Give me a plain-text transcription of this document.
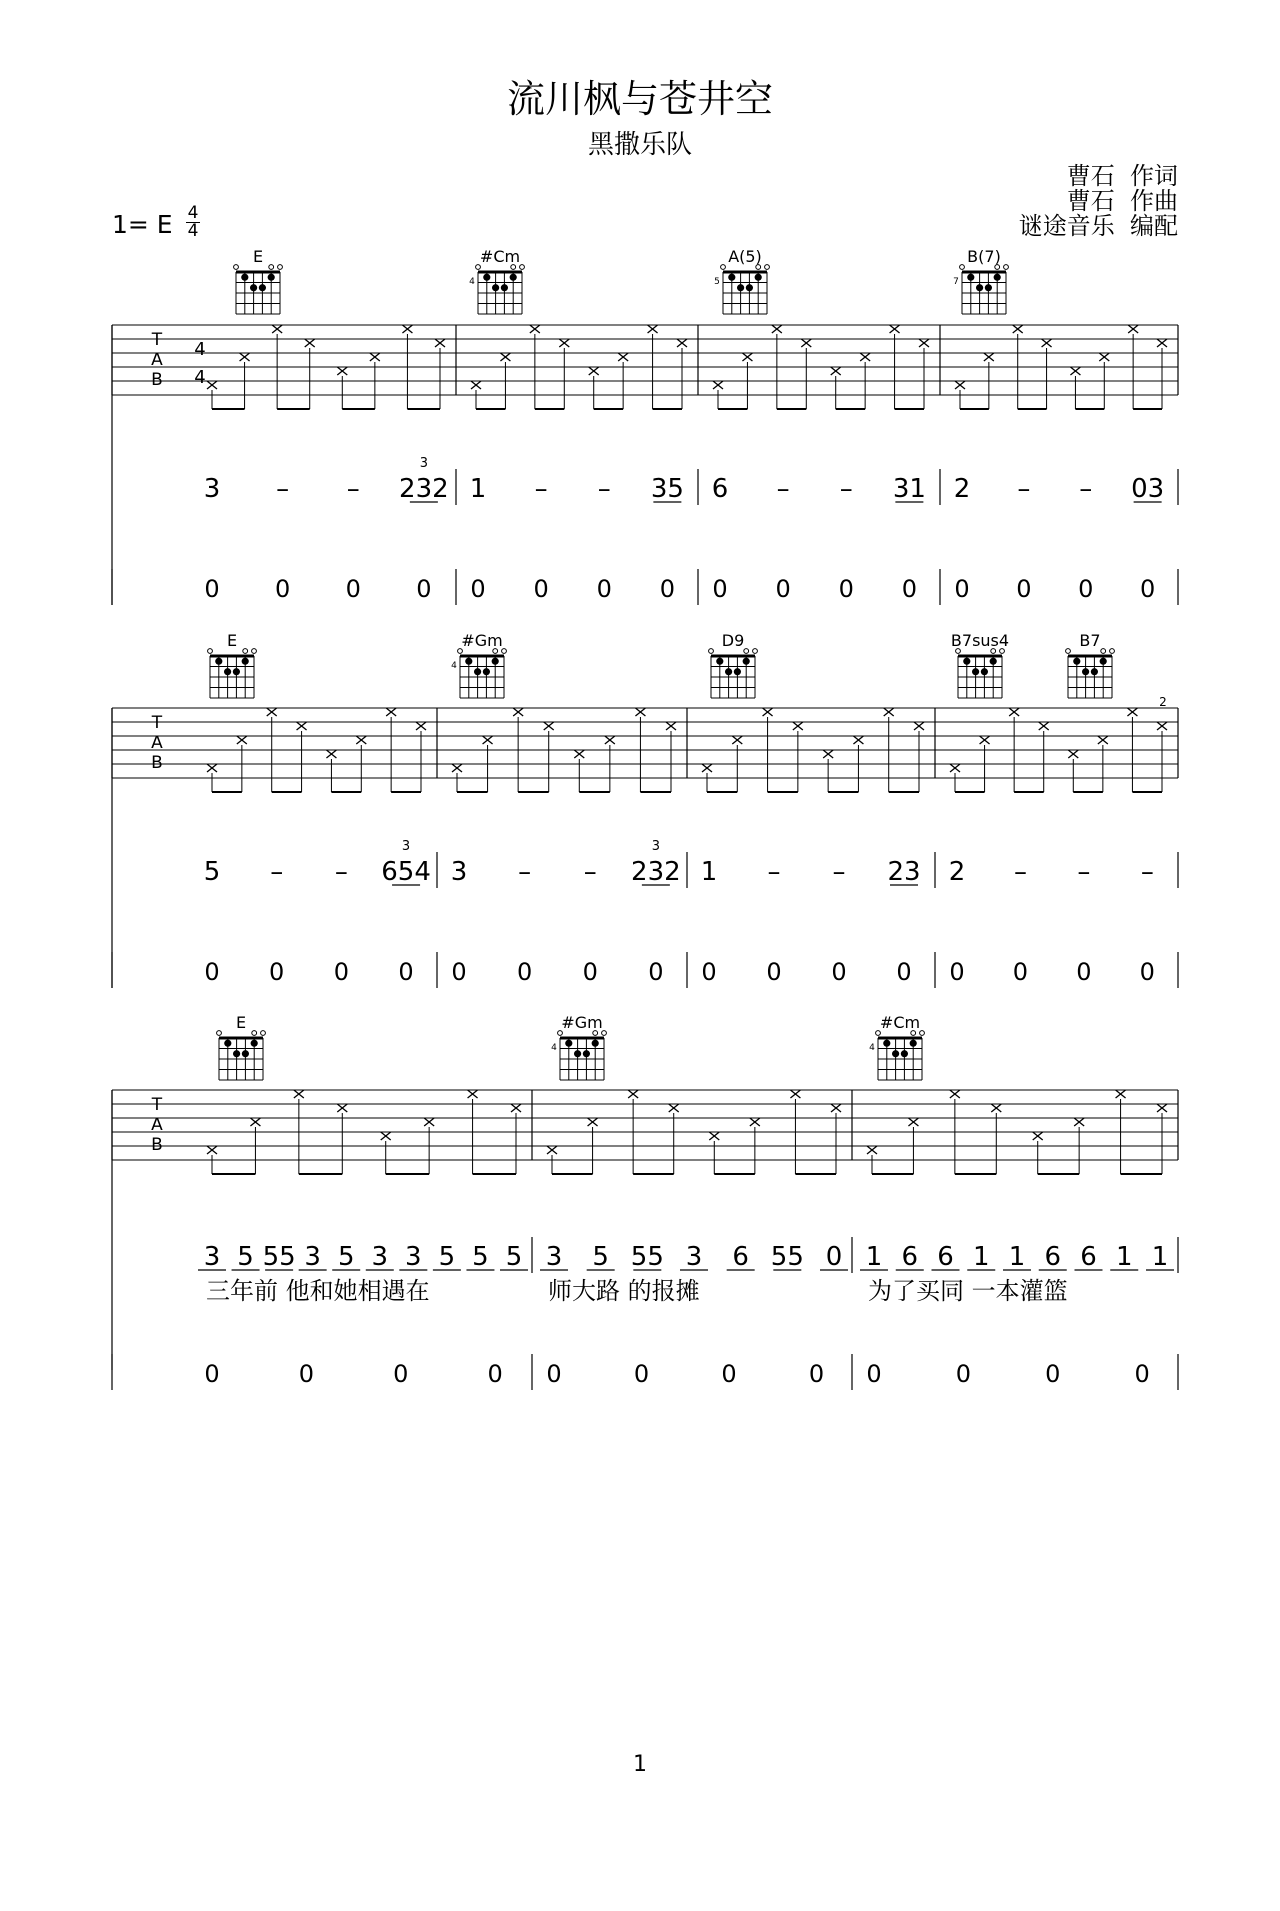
流川枫与苍井空
黑撒乐队
曹石  作词
曹石  作曲
谜途音乐  编配
1= E 4
4
T
A
B
4
4
E	#Cm
4
A(5)
5
B(7)
7
3 – – 232
3
0 0 0 0
1 – – 35
0 0 0 0
6 – – 31
0 0 0 0
2 – – 03
0 0 0 0
T
A
B
E	#Gm
4
D9	B7sus4	B7
2
5 – – 654
3
0 0 0 0
3 – – 232
3
0 0 0 0
1 – – 23
0 0 0 0
2 – – –
0 0 0 0
T
A
B
E	#Gm
4
#Cm
4
3 5 55 3 5 3 3 5 5 5
三年前 他和她相遇在
0	0	0	0
3 5 55 3 6 55 0
师大路 的报摊
0	0	0	0
1 6 6 1 1 6 6 1 1
为了买同 一本灌篮
0	0	0	0
1
